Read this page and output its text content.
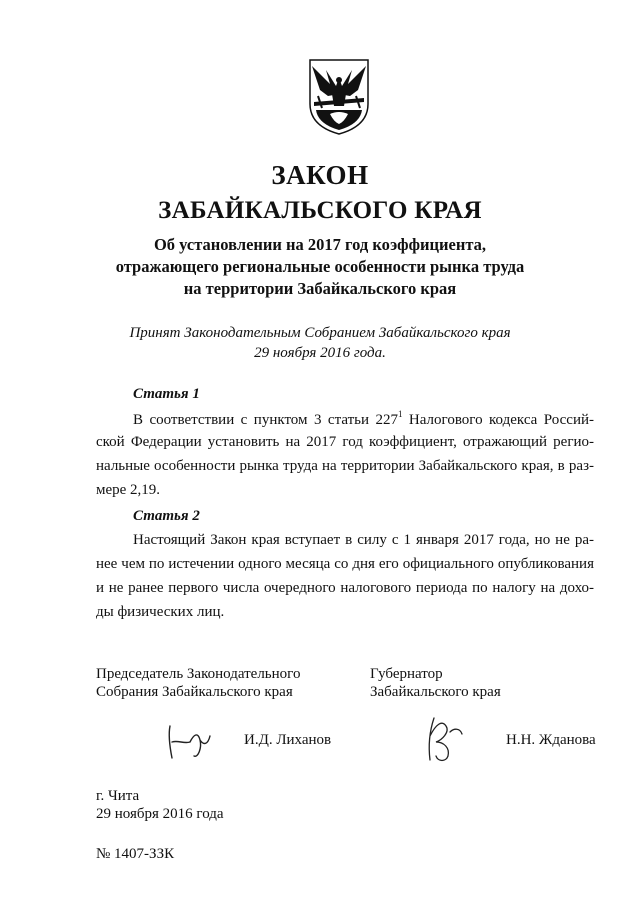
ЗАКОН
ЗАБАЙКАЛЬСКОГО КРАЯ
Об установлении на 2017 год коэффициента,
отражающего региональные особенности рынка труда
на территории Забайкальского края
Принят Законодательным Собранием Забайкальского края
29 ноября 2016 года.
Статья 1
В соответствии с пунктом 3 статьи $227^1$ Налогового кодекса Россий-
ской Федерации установить на 2017 год коэффициент, отражающий регио-
нальные особенности рынка труда на территории Забайкальского края, в раз-
мере 2,19.
Статья 2
Настоящий Закон края вступает в силу с 1 января 2017 года, но не ра-
нее чем по истечении одного месяца со дня его официального опубликования
и не ранее первого числа очередного налогового периода по налогу на дохо-
ды физических лиц.
Председатель Законодательного
Собрания Забайкальского края
Губернатор
Забайкальского края
И.Д. Лиханов	Н.Н. Жданова
г. Чита
29 ноября 2016 года
№ 1407-ЗЗК
